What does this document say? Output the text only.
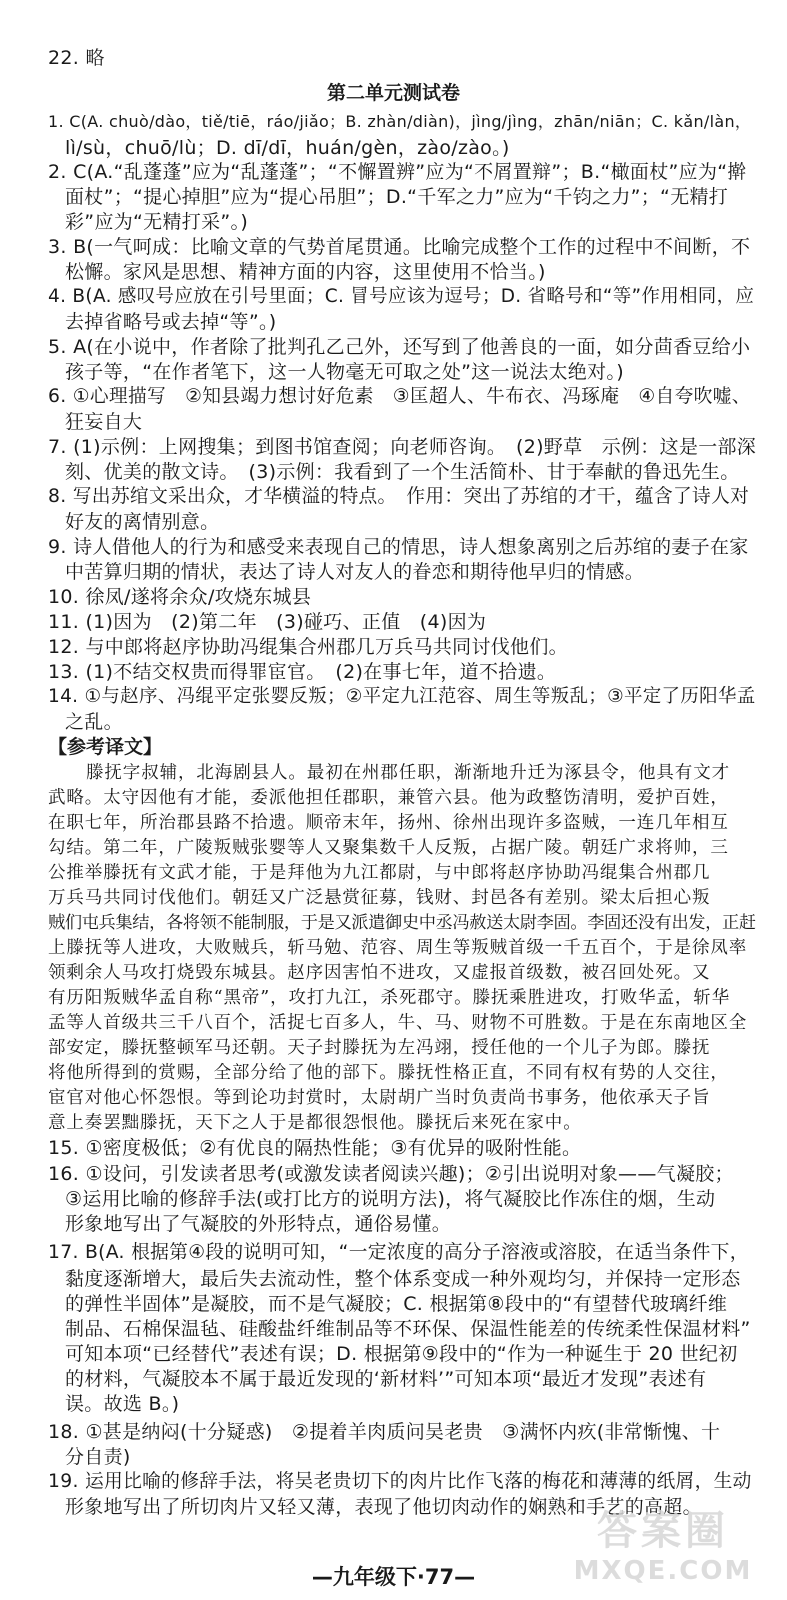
22. 略
第二单元测试卷
1. C(A. chuò/dào，tiě/tiē，ráo/jiǎo；B. zhàn/diàn)，jìng/jìng，zhān/niān；C. kǎn/làn，
lì/sù，chuō/lù；D. dī/dī，huán/gèn，zào/zào。)
2. C(A.“乱蓬蓬”应为“乱蓬蓬”；“不懈置辨”应为“不屑置辩”；B.“橄面杖”应为“擀
面杖”；“提心掉胆”应为“提心吊胆”；D.“千军之力”应为“千钧之力”；“无精打
彩”应为“无精打采”。)
3. B(一气呵成：比喻文章的气势首尾贯通。比喻完成整个工作的过程中不间断，不
松懈。家风是思想、精神方面的内容，这里使用不恰当。)
4. B(A. 感叹号应放在引号里面；C. 冒号应该为逗号；D. 省略号和“等”作用相同，应
去掉省略号或去掉“等”。)
5. A(在小说中，作者除了批判孔乙己外，还写到了他善良的一面，如分茴香豆给小
孩子等，“在作者笔下，这一人物毫无可取之处”这一说法太绝对。)
6. ①心理描写　②知县竭力想讨好危素　③匡超人、牛布衣、冯琢庵　④自夸吹嘘、
狂妄自大
7. (1)示例：上网搜集；到图书馆查阅；向老师咨询。　(2)野草　示例：这是一部深
刻、优美的散文诗。　(3)示例：我看到了一个生活简朴、甘于奉献的鲁迅先生。
8. 写出苏绾文采出众，才华横溢的特点。　作用：突出了苏绾的才干，蕴含了诗人对
好友的离情别意。
9. 诗人借他人的行为和感受来表现自己的情思，诗人想象离别之后苏绾的妻子在家
中苦算归期的情状，表达了诗人对友人的眷恋和期待他早归的情感。
10. 徐凤/遂将余众/攻烧东城县
11. (1)因为　(2)第二年　(3)碰巧、正值　(4)因为
12. 与中郎将赵序协助冯绲集合州郡几万兵马共同讨伐他们。
13. (1)不结交权贵而得罪宦官。　(2)在事七年，道不拾遗。
14. ①与赵序、冯绲平定张婴反叛；②平定九江范容、周生等叛乱；③平定了历阳华孟
之乱。
【参考译文】
滕抚字叔辅，北海剧县人。最初在州郡任职，渐渐地升迁为涿县令，他具有文才
武略。太守因他有才能，委派他担任郡职，兼管六县。他为政整饬清明，爱护百姓，
在职七年，所治郡县路不拾遗。顺帝末年，扬州、徐州出现许多盗贼，一连几年相互
勾结。第二年，广陵叛贼张婴等人又聚集数千人反叛，占据广陵。朝廷广求将帅，三
公推举滕抚有文武才能，于是拜他为九江都尉，与中郎将赵序协助冯绲集合州郡几
万兵马共同讨伐他们。朝廷又广泛悬赏征募，钱财、封邑各有差别。梁太后担心叛
贼们屯兵集结，各将领不能制服，于是又派遣御史中丞冯赦送太尉李固。李固还没有出发，正赶
上滕抚等人进攻，大败贼兵，斩马勉、范容、周生等叛贼首级一千五百个，于是徐凤率
领剩余人马攻打烧毁东城县。赵序因害怕不进攻，又虚报首级数，被召回处死。又
有历阳叛贼华孟自称“黑帝”，攻打九江，杀死郡守。滕抚乘胜进攻，打败华孟，斩华
孟等人首级共三千八百个，活捉七百多人，牛、马、财物不可胜数。于是在东南地区全
部安定，滕抚整顿军马还朝。天子封滕抚为左冯翊，授任他的一个儿子为郎。滕抚
将他所得到的赏赐，全部分给了他的部下。滕抚性格正直，不同有权有势的人交往，
宦官对他心怀怨恨。等到论功封赏时，太尉胡广当时负责尚书事务，他依承天子旨
意上奏罢黜滕抚，天下之人于是都很怨恨他。滕抚后来死在家中。
15. ①密度极低；②有优良的隔热性能；③有优异的吸附性能。
16. ①设问，引发读者思考(或激发读者阅读兴趣)；②引出说明对象——气凝胶；
③运用比喻的修辞手法(或打比方的说明方法)，将气凝胶比作冻住的烟，生动
形象地写出了气凝胶的外形特点，通俗易懂。
17. B(A. 根据第④段的说明可知，“一定浓度的高分子溶液或溶胶，在适当条件下，
黏度逐渐增大，最后失去流动性，整个体系变成一种外观均匀，并保持一定形态
的弹性半固体”是凝胶，而不是气凝胶；C. 根据第⑧段中的“有望替代玻璃纤维
制品、石棉保温毡、硅酸盐纤维制品等不环保、保温性能差的传统柔性保温材料”
可知本项“已经替代”表述有误；D. 根据第⑨段中的“作为一种诞生于 20 世纪初
的材料，气凝胶本不属于最近发现的‘新材料’”可知本项“最近才发现”表述有
误。故选 B。)
18. ①甚是纳闷(十分疑惑)　②提着羊肉质问吴老贵　③满怀内疚(非常惭愧、十
分自责)
19. 运用比喻的修辞手法，将吴老贵切下的肉片比作飞落的梅花和薄薄的纸屑，生动
形象地写出了所切肉片又轻又薄，表现了他切肉动作的娴熟和手艺的高超。
—九年级下·77—
答案圈
MXQE.COM
